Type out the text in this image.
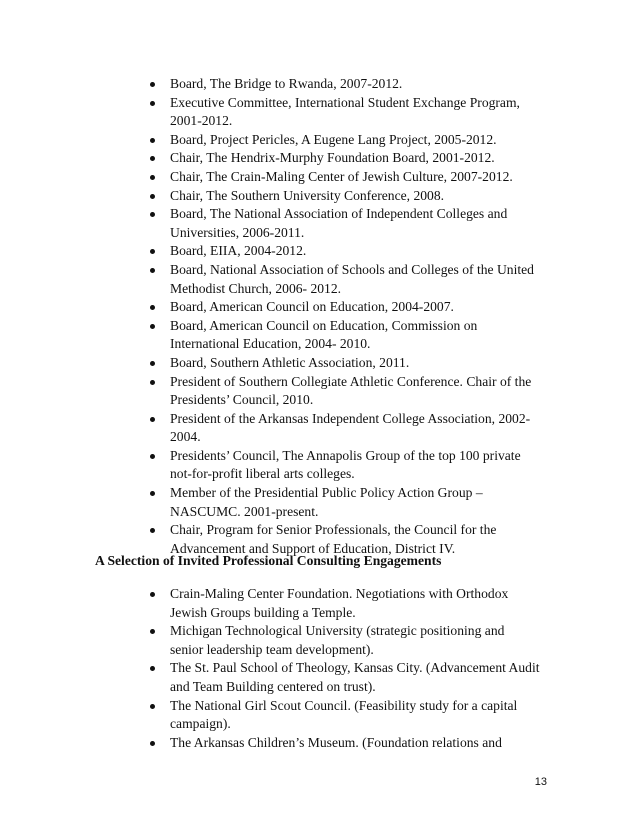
Board, The Bridge to Rwanda, 2007-2012.
Executive Committee, International Student Exchange Program, 2001-2012.
Board, Project Pericles, A Eugene Lang Project, 2005-2012.
Chair, The Hendrix-Murphy Foundation Board, 2001-2012.
Chair, The Crain-Maling Center of Jewish Culture, 2007-2012.
Chair, The Southern University Conference, 2008.
Board, The National Association of Independent Colleges and Universities, 2006-2011.
Board, EIIA, 2004-2012.
Board, National Association of Schools and Colleges of the United Methodist Church, 2006- 2012.
Board, American Council on Education, 2004-2007.
Board, American Council on Education, Commission on International Education, 2004- 2010.
Board, Southern Athletic Association, 2011.
President of Southern Collegiate Athletic Conference. Chair of the Presidents’ Council, 2010.
President of the Arkansas Independent College Association, 2002-2004.
Presidents’ Council, The Annapolis Group of the top 100 private not-for-profit liberal arts colleges.
Member of the Presidential Public Policy Action Group – NASCUMC. 2001-present.
Chair, Program for Senior Professionals, the Council for the Advancement and Support of Education, District IV.
A Selection of Invited Professional Consulting Engagements
Crain-Maling Center Foundation. Negotiations with Orthodox Jewish Groups building a Temple.
Michigan Technological University (strategic positioning and senior leadership team development).
The St. Paul School of Theology, Kansas City. (Advancement Audit and Team Building centered on trust).
The National Girl Scout Council. (Feasibility study for a capital campaign).
The Arkansas Children’s Museum. (Foundation relations and
13
